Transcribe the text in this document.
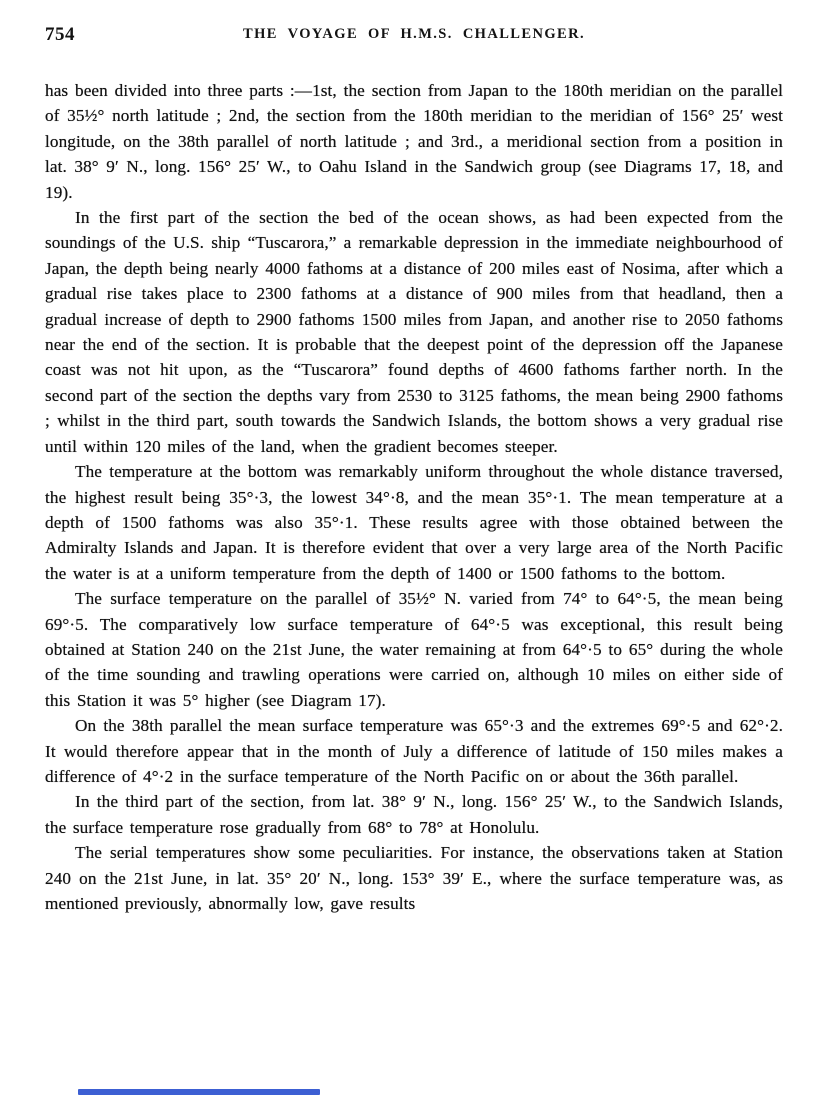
754	THE VOYAGE OF H.M.S. CHALLENGER.

has been divided into three parts :—1st, the section from Japan to the 180th meridian on the parallel of 35½° north latitude ; 2nd, the section from the 180th meridian to the meridian of 156° 25′ west longitude, on the 38th parallel of north latitude ; and 3rd., a meridional section from a position in lat. 38° 9′ N., long. 156° 25′ W., to Oahu Island in the Sandwich group (see Diagrams 17, 18, and 19).

In the first part of the section the bed of the ocean shows, as had been expected from the soundings of the U.S. ship “Tuscarora,” a remarkable depression in the immediate neighbourhood of Japan, the depth being nearly 4000 fathoms at a distance of 200 miles east of Nosima, after which a gradual rise takes place to 2300 fathoms at a distance of 900 miles from that headland, then a gradual increase of depth to 2900 fathoms 1500 miles from Japan, and another rise to 2050 fathoms near the end of the section. It is probable that the deepest point of the depression off the Japanese coast was not hit upon, as the “Tuscarora” found depths of 4600 fathoms farther north. In the second part of the section the depths vary from 2530 to 3125 fathoms, the mean being 2900 fathoms ; whilst in the third part, south towards the Sandwich Islands, the bottom shows a very gradual rise until within 120 miles of the land, when the gradient becomes steeper.

The temperature at the bottom was remarkably uniform throughout the whole distance traversed, the highest result being 35°·3, the lowest 34°·8, and the mean 35°·1. The mean temperature at a depth of 1500 fathoms was also 35°·1. These results agree with those obtained between the Admiralty Islands and Japan. It is therefore evident that over a very large area of the North Pacific the water is at a uniform temperature from the depth of 1400 or 1500 fathoms to the bottom.

The surface temperature on the parallel of 35½° N. varied from 74° to 64°·5, the mean being 69°·5. The comparatively low surface temperature of 64°·5 was exceptional, this result being obtained at Station 240 on the 21st June, the water remaining at from 64°·5 to 65° during the whole of the time sounding and trawling operations were carried on, although 10 miles on either side of this Station it was 5° higher (see Diagram 17).

On the 38th parallel the mean surface temperature was 65°·3 and the extremes 69°·5 and 62°·2. It would therefore appear that in the month of July a difference of latitude of 150 miles makes a difference of 4°·2 in the surface temperature of the North Pacific on or about the 36th parallel.

In the third part of the section, from lat. 38° 9′ N., long. 156° 25′ W., to the Sandwich Islands, the surface temperature rose gradually from 68° to 78° at Honolulu.

The serial temperatures show some peculiarities. For instance, the observations taken at Station 240 on the 21st June, in lat. 35° 20′ N., long. 153° 39′ E., where the surface temperature was, as mentioned previously, abnormally low, gave results
